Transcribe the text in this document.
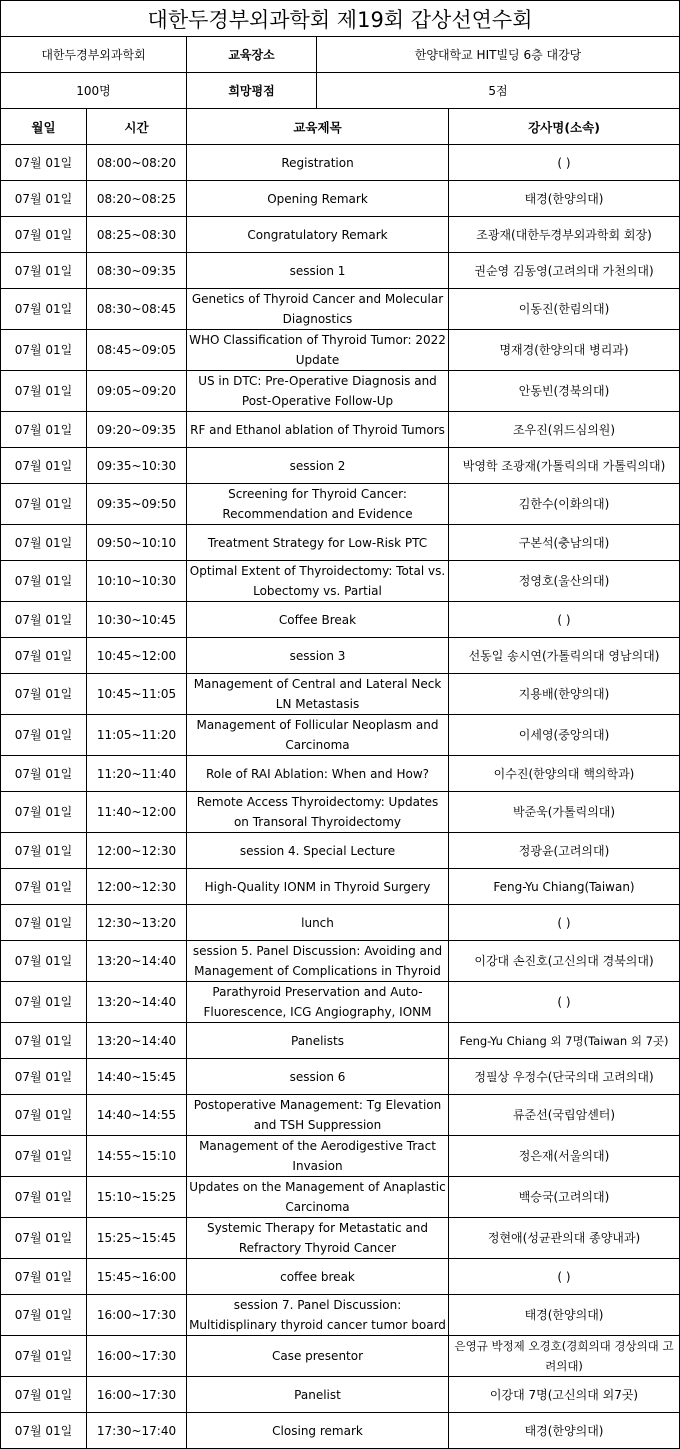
대한두경부외과학회 제19회 갑상선연수회				
대한두경부외과학회		교육장소	한양대학교 HIT빌딩 6층 대강당	
100명		희망평점	5점	
월일	시간	교육제목		강사명(소속)
07월 01일	08:00~08:20	Registration		( )
07월 01일	08:20~08:25	Opening Remark		태경(한양의대)
07월 01일	08:25~08:30	Congratulatory Remark		조광재(대한두경부외과학회 회장)
07월 01일	08:30~09:35	session 1		권순영 김동영(고려의대 가천의대)
07월 01일	08:30~08:45	Genetics of Thyroid Cancer and Molecular Diagnostics		이동진(한림의대)
07월 01일	08:45~09:05	WHO Classification of Thyroid Tumor: 2022 Update		명재경(한양의대 병리과)
07월 01일	09:05~09:20	US in DTC: Pre-Operative Diagnosis and Post-Operative Follow-Up		안동빈(경북의대)
07월 01일	09:20~09:35	RF and Ethanol ablation of Thyroid Tumors		조우진(위드심의원)
07월 01일	09:35~10:30	session 2		박영학 조광재(가톨릭의대 가톨릭의대)
07월 01일	09:35~09:50	Screening for Thyroid Cancer: Recommendation and Evidence		김한수(이화의대)
07월 01일	09:50~10:10	Treatment Strategy for Low-Risk PTC		구본석(충남의대)
07월 01일	10:10~10:30	Optimal Extent of Thyroidectomy: Total vs. Lobectomy vs. Partial		정영호(울산의대)
07월 01일	10:30~10:45	Coffee Break		( )
07월 01일	10:45~12:00	session 3		선동일 송시연(가톨릭의대 영남의대)
07월 01일	10:45~11:05	Management of Central and Lateral Neck LN Metastasis		지용배(한양의대)
07월 01일	11:05~11:20	Management of Follicular Neoplasm and Carcinoma		이세영(중앙의대)
07월 01일	11:20~11:40	Role of RAI Ablation: When and How?		이수진(한양의대 핵의학과)
07월 01일	11:40~12:00	Remote Access Thyroidectomy: Updates on Transoral Thyroidectomy		박준욱(가톨릭의대)
07월 01일	12:00~12:30	session 4. Special Lecture		정광윤(고려의대)
07월 01일	12:00~12:30	High-Quality IONM in Thyroid Surgery		Feng-Yu Chiang(Taiwan)
07월 01일	12:30~13:20	lunch		( )
07월 01일	13:20~14:40	session 5. Panel Discussion: Avoiding and Management of Complications in Thyroid		이강대 손진호(고신의대 경북의대)
07월 01일	13:20~14:40	Parathyroid Preservation and Auto-Fluorescence, ICG Angiography, IONM		( )
07월 01일	13:20~14:40	Panelists		Feng-Yu Chiang 외 7명(Taiwan 외 7곳)
07월 01일	14:40~15:45	session 6		정필상 우정수(단국의대 고려의대)
07월 01일	14:40~14:55	Postoperative Management: Tg Elevation and TSH Suppression		류준선(국립암센터)
07월 01일	14:55~15:10	Management of the Aerodigestive Tract Invasion		정은재(서울의대)
07월 01일	15:10~15:25	Updates on the Management of Anaplastic Carcinoma		백승국(고려의대)
07월 01일	15:25~15:45	Systemic Therapy for Metastatic and Refractory Thyroid Cancer		정현애(성균관의대 종양내과)
07월 01일	15:45~16:00	coffee break		( )
07월 01일	16:00~17:30	session 7. Panel Discussion: Multidisplinary thyroid cancer tumor board		태경(한양의대)
07월 01일	16:00~17:30	Case presentor		은영규 박정제 오경호(경희의대 경상의대 고려의대)
07월 01일	16:00~17:30	Panelist		이강대 7명(고신의대 외7곳)
07월 01일	17:30~17:40	Closing remark		태경(한양의대)
